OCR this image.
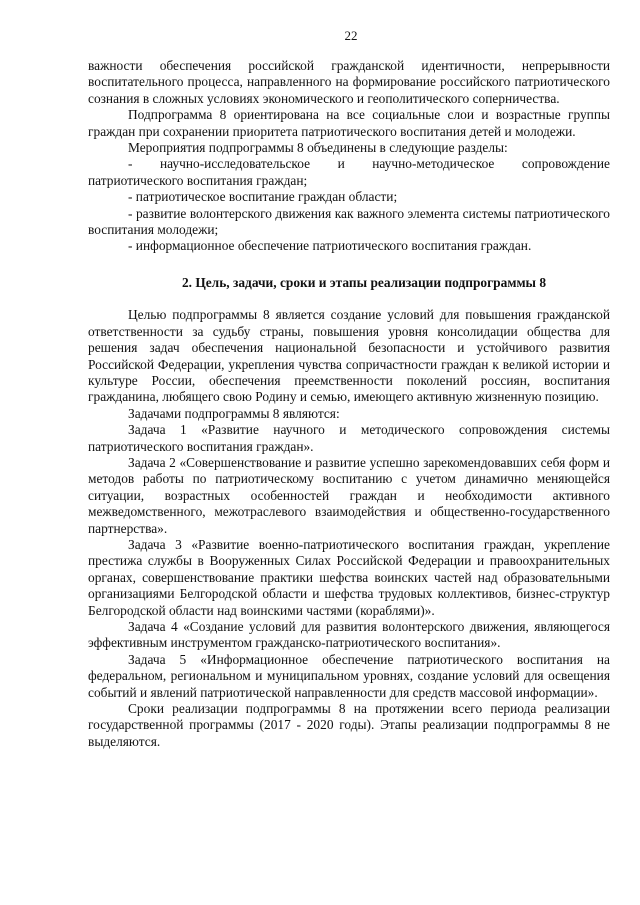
22

важности обеспечения российской гражданской идентичности, непрерывности воспитательного процесса, направленного на формирование российского патриотического сознания в сложных условиях экономического и геополитического соперничества.

Подпрограмма 8 ориентирована на все социальные слои и возрастные группы граждан при сохранении приоритета патриотического воспитания детей и молодежи.

Мероприятия подпрограммы 8 объединены в следующие разделы:

- научно-исследовательское и научно-методическое сопровождение

патриотического воспитания граждан;

- патриотическое воспитание граждан области;

- развитие волонтерского движения как важного элемента системы патриотического воспитания молодежи;

- информационное обеспечение патриотического воспитания граждан.

2. Цель, задачи, сроки и этапы реализации подпрограммы 8

Целью подпрограммы 8 является создание условий для повышения гражданской ответственности за судьбу страны, повышения уровня консолидации общества для решения задач обеспечения национальной безопасности и устойчивого развития Российской Федерации, укрепления чувства сопричастности граждан к великой истории и культуре России, обеспечения преемственности поколений россиян, воспитания гражданина, любящего свою Родину и семью, имеющего активную жизненную позицию.

Задачами подпрограммы 8 являются:

Задача 1 «Развитие научного и методического сопровождения системы патриотического воспитания граждан».

Задача 2 «Совершенствование и развитие успешно зарекомендовавших себя форм и методов работы по патриотическому воспитанию с учетом динамично меняющейся ситуации, возрастных особенностей граждан и необходимости активного межведомственного, межотраслевого взаимодействия и общественно-государственного партнерства».

Задача 3 «Развитие военно-патриотического воспитания граждан, укрепление престижа службы в Вооруженных Силах Российской Федерации и правоохранительных органах, совершенствование практики шефства воинских частей над образовательными организациями Белгородской области и шефства трудовых коллективов, бизнес-структур Белгородской области над воинскими частями (кораблями)».

Задача 4 «Создание условий для развития волонтерского движения, являющегося эффективным инструментом гражданско-патриотического воспитания».

Задача 5 «Информационное обеспечение патриотического воспитания на федеральном, региональном и муниципальном уровнях, создание условий для освещения событий и явлений патриотической направленности для средств массовой информации».

Сроки реализации подпрограммы 8 на протяжении всего периода реализации государственной программы (2017 - 2020 годы). Этапы реализации подпрограммы 8 не выделяются.
